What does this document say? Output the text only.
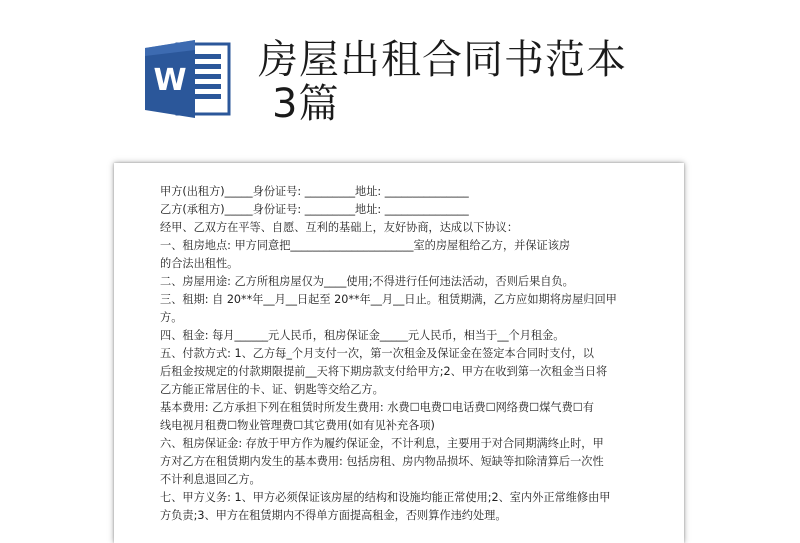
W 房屋出租合同书范本
3篇
甲方(出租方)_____身份证号: _________地址: _______________
乙方(承租方)_____身份证号: _________地址: _______________
经甲、乙双方在平等、自愿、互利的基础上，友好协商，达成以下协议：
一、租房地点: 甲方同意把______________________室的房屋租给乙方，并保证该房
的合法出租性。
二、房屋用途: 乙方所租房屋仅为____使用;不得进行任何违法活动，否则后果自负。
三、租期: 自 20**年__月__日起至 20**年__月__日止。租赁期满，乙方应如期将房屋归回甲
方。
四、租金: 每月______元人民币，租房保证金_____元人民币，相当于__个月租金。
五、付款方式: 1、乙方每_个月支付一次，第一次租金及保证金在签定本合同时支付，以
后租金按规定的付款期限提前__天将下期房款支付给甲方;2、甲方在收到第一次租金当日将
乙方能正常居住的卡、证、钥匙等交给乙方。
基本费用: 乙方承担下列在租赁时所发生费用: 水费☐电费☐电话费☐网络费☐煤气费☐有
线电视月租费☐物业管理费☐其它费用(如有见补充各项)
六、租房保证金: 存放于甲方作为履约保证金，不计利息，主要用于对合同期满终止时，甲
方对乙方在租赁期内发生的基本费用: 包括房租、房内物品损坏、短缺等扣除清算后一次性
不计利息退回乙方。
七、甲方义务: 1、甲方必须保证该房屋的结构和设施均能正常使用;2、室内外正常维修由甲
方负责;3、甲方在租赁期内不得单方面提高租金，否则算作违约处理。
